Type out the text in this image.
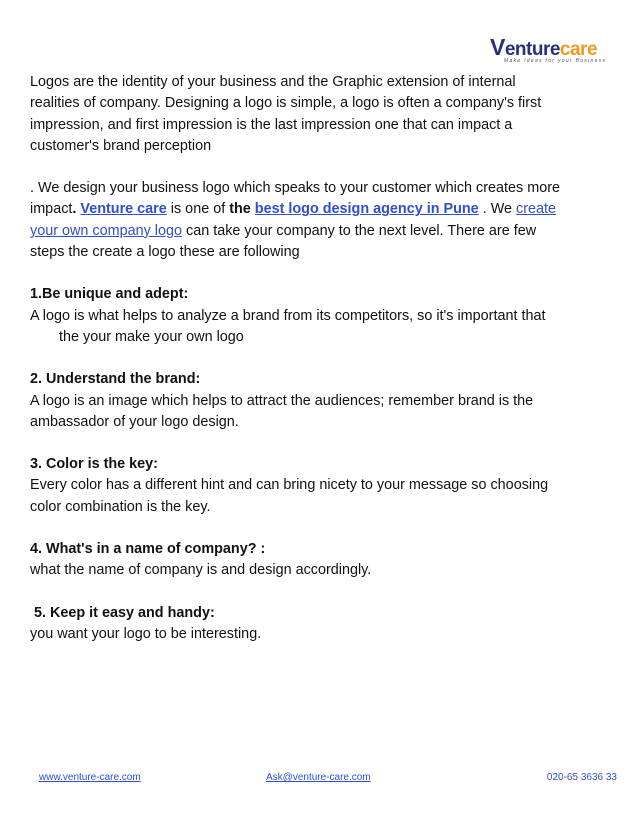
Venturecare
Make Ideas for your Business

Logos are the identity of your business and the Graphic extension of internal
realities of company. Designing a logo is simple, a logo is often a company's first
impression, and first impression is the last impression one that can impact a
customer's brand perception

. We design your business logo which speaks to your customer which creates more
impact. Venture care is one of the best logo design agency in Pune . We create
your own company logo can take your company to the next level. There are few
steps the create a logo these are following

1.Be unique and adept:

A logo is what helps to analyze a brand from its competitors, so it's important that
the your make your own logo

2. Understand the brand:

A logo is an image which helps to attract the audiences; remember brand is the
ambassador of your logo design.

3. Color is the key:

Every color has a different hint and can bring nicety to your message so choosing
color combination is the key.

4. What's in a name of company? :

what the name of company is and design accordingly.

5. Keep it easy and handy:

you want your logo to be interesting.

www.venture-care.com	Ask@venture-care.com	020-65 3636 33
